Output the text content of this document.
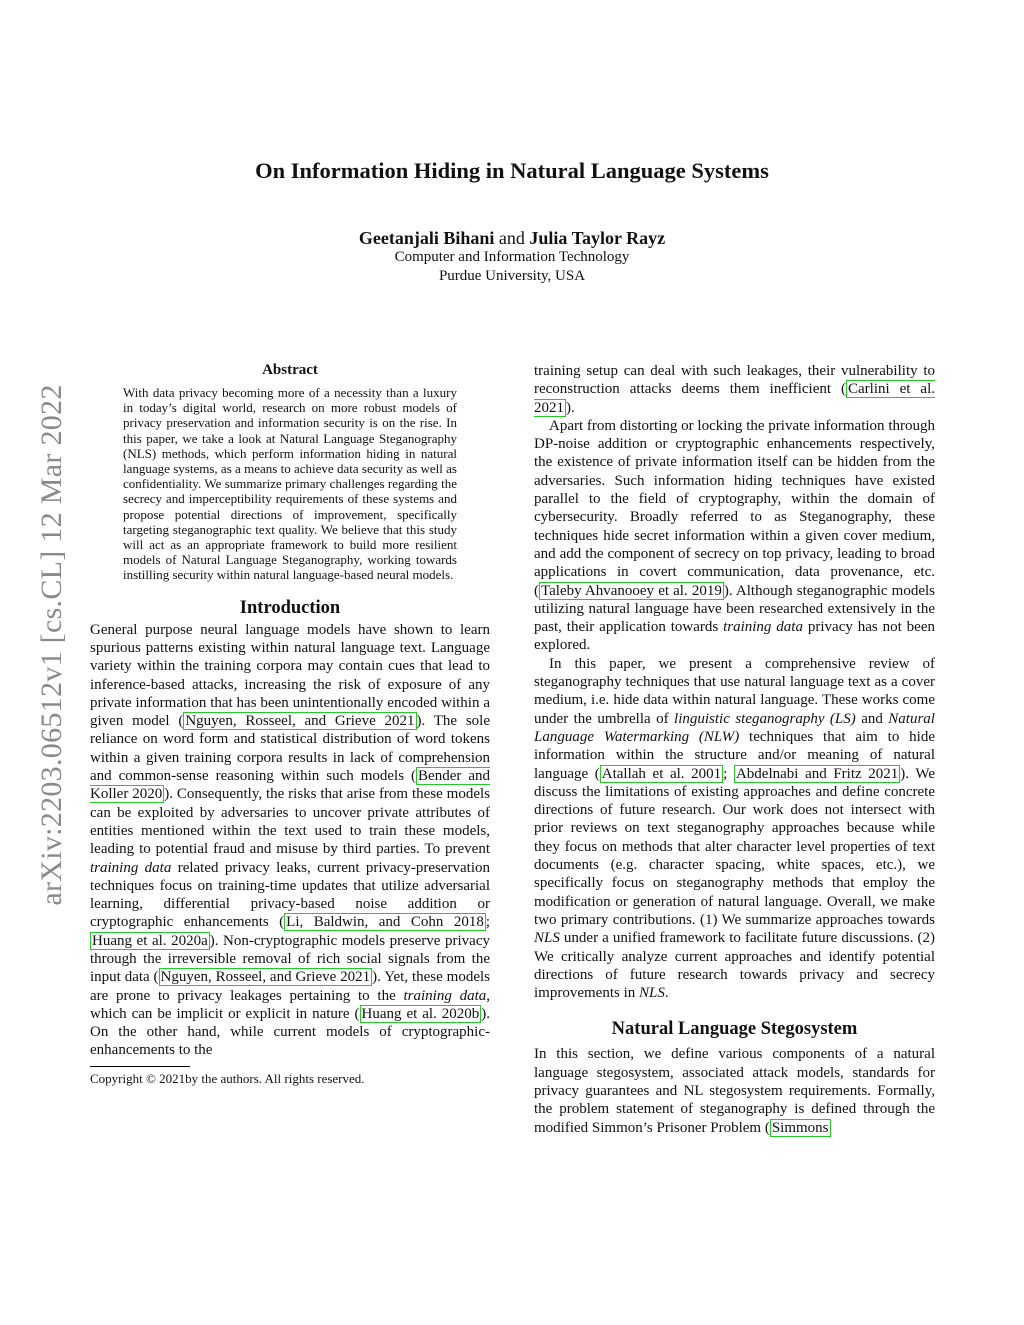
arXiv:2203.06512v1 [cs.CL] 12 Mar 2022
On Information Hiding in Natural Language Systems
Geetanjali Bihani and Julia Taylor Rayz
Computer and Information Technology
Purdue University, USA
Abstract

With data privacy becoming more of a necessity than a luxury in today’s digital world, research on more robust models of privacy preservation and information security is on the rise. In this paper, we take a look at Natural Language Steganography (NLS) methods, which perform information hiding in natural language systems, as a means to achieve data security as well as confidentiality. We summarize primary challenges regarding the secrecy and imperceptibility requirements of these systems and propose potential directions of improvement, specifically targeting steganographic text quality. We believe that this study will act as an appropriate framework to build more resilient models of Natural Language Steganography, working towards instilling security within natural language-based neural models.

Introduction

General purpose neural language models have shown to learn spurious patterns existing within natural language text. Language variety within the training corpora may contain cues that lead to inference-based attacks, increasing the risk of exposure of any private information that has been unintentionally encoded within a given model ( Nguyen, Rosseel, and Grieve 2021 ). The sole reliance on word form and statistical distribution of word tokens within a given training corpora results in lack of comprehension and common-sense reasoning within such models ( Bender and Koller 2020 ). Consequently, the risks that arise from these models can be exploited by adversaries to uncover private attributes of entities mentioned within the text used to train these models, leading to potential fraud and misuse by third parties. To prevent training data related privacy leaks, current privacy-preservation techniques focus on training-time updates that utilize adversarial learning, differential privacy-based noise addition or cryptographic enhancements ( Li, Baldwin, and Cohn 2018 ; Huang et al. 2020a ). Non-cryptographic models preserve privacy through the irreversible removal of rich social signals from the input data ( Nguyen, Rosseel, and Grieve 2021 ). Yet, these models are prone to privacy leakages pertaining to the training data, which can be implicit or explicit in nature ( Huang et al. 2020b ). On the other hand, while current models of cryptographic-enhancements to the

Copyright © 2021by the authors. All rights reserved.

training setup can deal with such leakages, their vulnerability to reconstruction attacks deems them inefficient ( Carlini et al. 2021 ).

Apart from distorting or locking the private information through DP-noise addition or cryptographic enhancements respectively, the existence of private information itself can be hidden from the adversaries. Such information hiding techniques have existed parallel to the field of cryptography, within the domain of cybersecurity. Broadly referred to as Steganography, these techniques hide secret information within a given cover medium, and add the component of secrecy on top privacy, leading to broad applications in covert communication, data provenance, etc. ( Taleby Ahvanooey et al. 2019 ). Although steganographic models utilizing natural language have been researched extensively in the past, their application towards training data privacy has not been explored.

In this paper, we present a comprehensive review of steganography techniques that use natural language text as a cover medium, i.e. hide data within natural language. These works come under the umbrella of linguistic steganography (LS) and Natural Language Watermarking (NLW) techniques that aim to hide information within the structure and/or meaning of natural language ( Atallah et al. 2001 ; Abdelnabi and Fritz 2021 ). We discuss the limitations of existing approaches and define concrete directions of future research. Our work does not intersect with prior reviews on text steganography approaches because while they focus on methods that alter character level properties of text documents (e.g. character spacing, white spaces, etc.), we specifically focus on steganography methods that employ the modification or generation of natural language. Overall, we make two primary contributions. (1) We summarize approaches towards NLS under a unified framework to facilitate future discussions. (2) We critically analyze current approaches and identify potential directions of future research towards privacy and secrecy improvements in NLS.

Natural Language Stegosystem

In this section, we define various components of a natural language stegosystem, associated attack models, standards for privacy guarantees and NL stegosystem requirements. Formally, the problem statement of steganography is defined through the modified Simmon’s Prisoner Problem ( Simmons
